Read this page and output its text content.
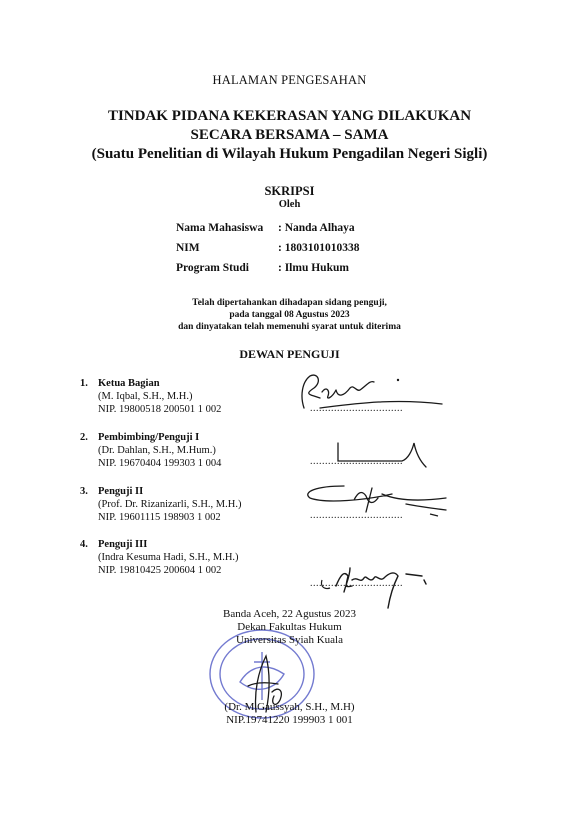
HALAMAN PENGESAHAN
TINDAK PIDANA KEKERASAN YANG DILAKUKAN
SECARA BERSAMA – SAMA
(Suatu Penelitian di Wilayah Hukum Pengadilan Negeri Sigli)
SKRIPSI
Oleh
Nama Mahasiswa : Nanda Alhaya
NIM	: 1803101010338
Program Studi	: Ilmu Hukum
Telah dipertahankan dihadapan sidang penguji,
pada tanggal 08 Agustus 2023
dan dinyatakan telah memenuhi syarat untuk diterima
DEWAN PENGUJI
1. Ketua Bagian
(M. Iqbal, S.H., M.H.)
NIP. 19800518 200501 1 002
2. Pembimbing/Penguji I
(Dr. Dahlan, S.H., M.Hum.)
NIP. 19670404 199303 1 004
3. Penguji II
(Prof. Dr. Rizanizarli, S.H., M.H.)
NIP. 19601115 198903 1 002
4. Penguji III
(Indra Kesuma Hadi, S.H., M.H.)
NIP. 19810425 200604 1 002
...............................
...............................
...............................
...............................
Banda Aceh, 22 Agustus 2023
Dekan Fakultas Hukum
Universitas Syiah Kuala
(Dr. M.Gaussyah, S.H., M.H)
NIP.19741220 199903 1 001
